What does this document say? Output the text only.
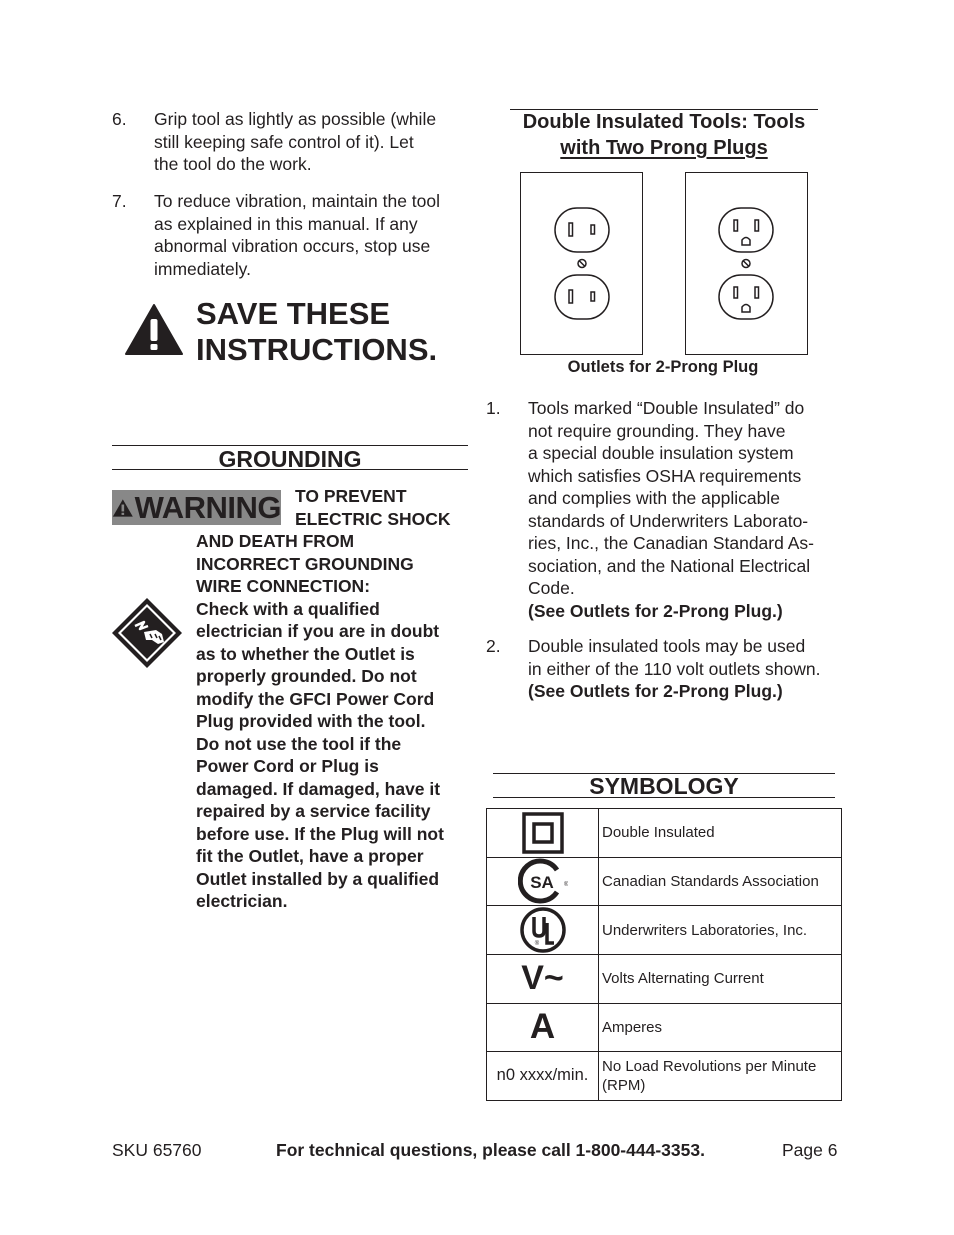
6.	Grip tool as lightly as possible (while
still keeping safe control of it). Let
the tool do the work.
7.	To reduce vibration, maintain the tool
as explained in this manual. If any
abnormal vibration occurs, stop use
immediately.
SAVE THESE
INSTRUCTIONS.
GROUNDING
WARNING TO PREVENT
ELECTRIC SHOCK
AND DEATH FROM
INCORRECT GROUNDING
WIRE CONNECTION:
Check with a qualified
electrician if you are in doubt
as to whether the Outlet is
properly grounded. Do not
modify the GFCI Power Cord
Plug provided with the tool.
Do not use the tool if the
Power Cord or Plug is
damaged. If damaged, have it
repaired by a service facility
before use. If the Plug will not
fit the Outlet, have a proper
Outlet installed by a qualified
electrician.
Double Insulated Tools: Tools
with Two Prong Plugs
Outlets for 2-Prong Plug
1.	Tools marked “Double Insulated” do
not require grounding. They have
a special double insulation system
which satisfies OSHA requirements
and complies with the applicable
standards of Underwriters Laborato-
ries, Inc., the Canadian Standard As-
sociation, and the National Electrical
Code.
(See Outlets for 2-Prong Plug.)
2.	Double insulated tools may be used
in either of the 110 volt outlets shown.
(See Outlets for 2-Prong Plug.)
SYMBOLOGY
	Double Insulated

SA ®	Canadian Standards Association

®	Underwriters Laboratories, Inc.
V~	Volts Alternating Current
A	Amperes
n0 xxxx/min.	No Load Revolutions per Minute
(RPM)
SKU 65760	For technical questions, please call 1-800-444-3353.	Page 6
